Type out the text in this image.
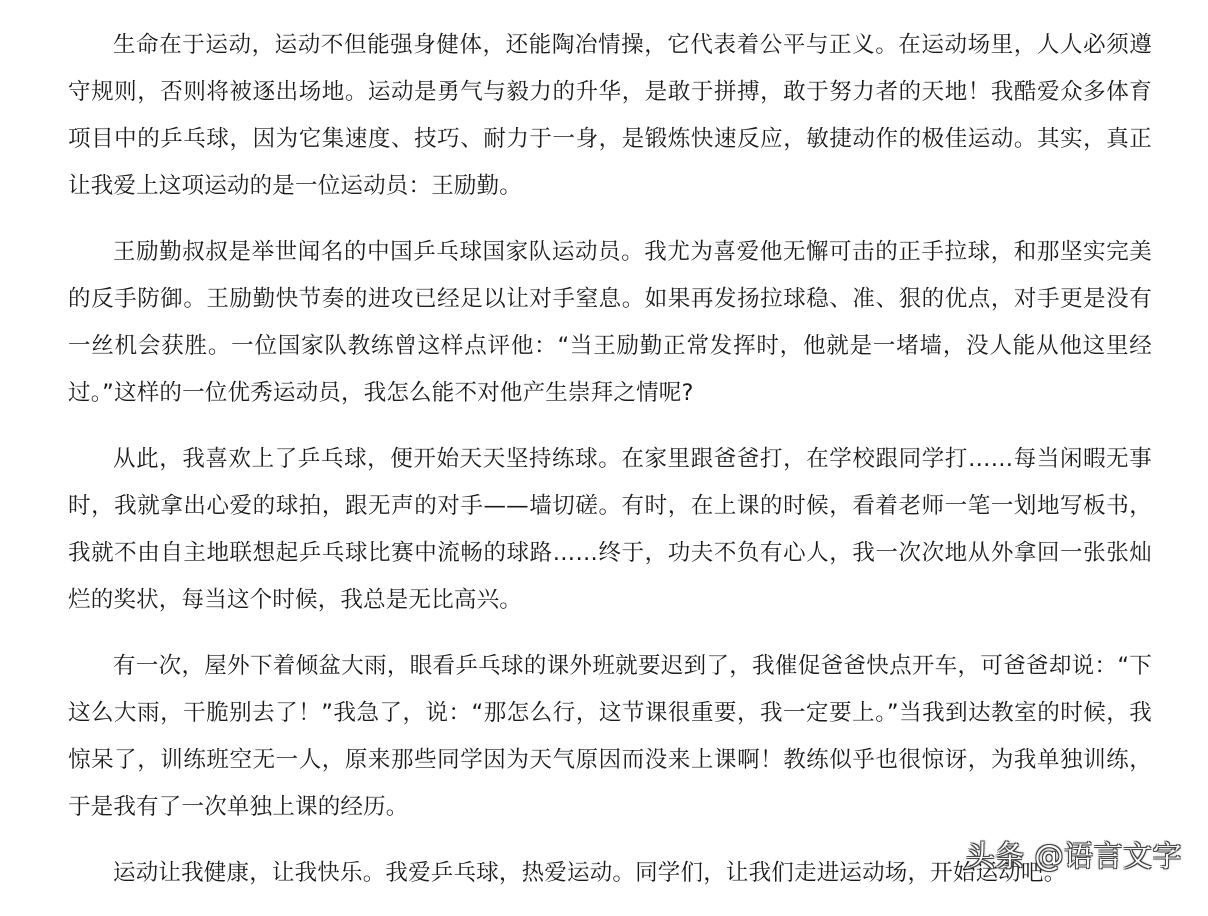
生命在于运动，运动不但能强身健体，还能陶冶情操，它代表着公平与正义。在运动场里，人人必须遵守规则，否则将被逐出场地。运动是勇气与毅力的升华，是敢于拼搏，敢于努力者的天地！我酷爱众多体育项目中的乒乓球，因为它集速度、技巧、耐力于一身，是锻炼快速反应，敏捷动作的极佳运动。其实，真正让我爱上这项运动的是一位运动员：王励勤。

王励勤叔叔是举世闻名的中国乒乓球国家队运动员。我尤为喜爱他无懈可击的正手拉球，和那坚实完美的反手防御。王励勤快节奏的进攻已经足以让对手窒息。如果再发扬拉球稳、准、狠的优点，对手更是没有一丝机会获胜。一位国家队教练曾这样点评他：“当王励勤正常发挥时，他就是一堵墙，没人能从他这里经过。”这样的一位优秀运动员，我怎么能不对他产生崇拜之情呢?

从此，我喜欢上了乒乓球，便开始天天坚持练球。在家里跟爸爸打，在学校跟同学打……每当闲暇无事时，我就拿出心爱的球拍，跟无声的对手——墙切磋。有时，在上课的时候，看着老师一笔一划地写板书，我就不由自主地联想起乒乓球比赛中流畅的球路……终于，功夫不负有心人，我一次次地从外拿回一张张灿烂的奖状，每当这个时候，我总是无比高兴。

有一次，屋外下着倾盆大雨，眼看乒乓球的课外班就要迟到了，我催促爸爸快点开车，可爸爸却说：“下这么大雨，干脆别去了！”我急了，说：“那怎么行，这节课很重要，我一定要上。”当我到达教室的时候，我惊呆了，训练班空无一人，原来那些同学因为天气原因而没来上课啊！教练似乎也很惊讶，为我单独训练，于是我有了一次单独上课的经历。

运动让我健康，让我快乐。我爱乒乓球，热爱运动。同学们，让我们走进运动场，开始运动吧。

头条 @语言文字
